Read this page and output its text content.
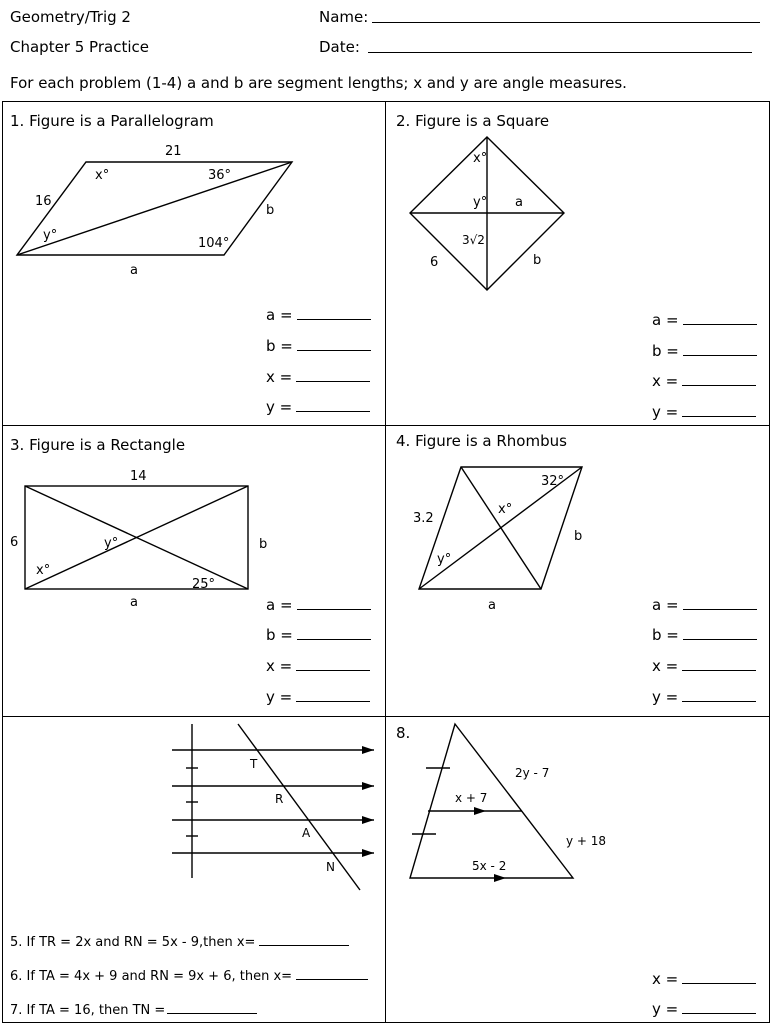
Geometry/Trig 2
Chapter 5 Practice
Name:
Date:
For each problem (1-4) a and b are segment lengths; x and y are angle measures.
1. Figure is a Parallelogram	2. Figure is a Square
3. Figure is a Rectangle	4. Figure is a Rhombus
8.
21
16
b
a
x°
y°
36°
104°
x°
y° a
3√2
6	b
14
6	b
a
x°
y°
25°
3.2
b
a
x°
y°
32°
T
R
A
N
2y - 7
x + 7
y + 18
5x - 2
a =
b =
x =
y =
a =
b =
x =
y =
a =
b =
x =
y =
a =
b =
x =
y =
5. If TR = 2x and RN = 5x - 9,then x=
6. If TA = 4x + 9 and RN = 9x + 6, then x=
7. If TA = 16, then TN =
x =
y =
